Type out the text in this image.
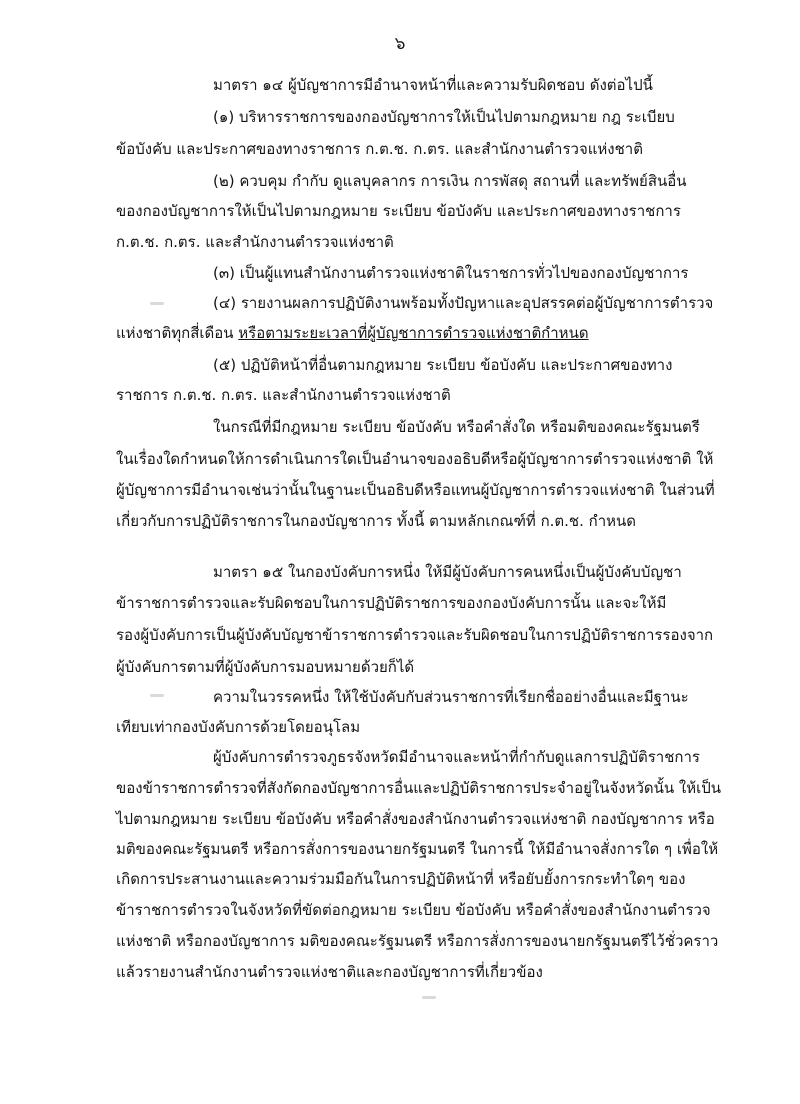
๖
มาตรา ๑๔ ผู้บัญชาการมีอำนาจหน้าที่และความรับผิดชอบ ดังต่อไปนี้
(๑) บริหารราชการของกองบัญชาการให้เป็นไปตามกฎหมาย กฎ ระเบียบ
ข้อบังคับ และประกาศของทางราชการ ก.ต.ช. ก.ตร. และสำนักงานตำรวจแห่งชาติ
(๒) ควบคุม กำกับ ดูแลบุคลากร การเงิน การพัสดุ สถานที่ และทรัพย์สินอื่น
ของกองบัญชาการให้เป็นไปตามกฎหมาย ระเบียบ ข้อบังคับ และประกาศของทางราชการ
ก.ต.ช. ก.ตร. และสำนักงานตำรวจแห่งชาติ
(๓) เป็นผู้แทนสำนักงานตำรวจแห่งชาติในราชการทั่วไปของกองบัญชาการ
(๔) รายงานผลการปฏิบัติงานพร้อมทั้งปัญหาและอุปสรรคต่อผู้บัญชาการตำรวจ
แห่งชาติทุกสี่เดือน หรือตามระยะเวลาที่ผู้บัญชาการตำรวจแห่งชาติกำหนด
(๕) ปฏิบัติหน้าที่อื่นตามกฎหมาย ระเบียบ ข้อบังคับ และประกาศของทาง
ราชการ ก.ต.ช. ก.ตร. และสำนักงานตำรวจแห่งชาติ
ในกรณีที่มีกฎหมาย ระเบียบ ข้อบังคับ หรือคำสั่งใด หรือมติของคณะรัฐมนตรี
ในเรื่องใดกำหนดให้การดำเนินการใดเป็นอำนาจของอธิบดีหรือผู้บัญชาการตำรวจแห่งชาติ ให้
ผู้บัญชาการมีอำนาจเช่นว่านั้นในฐานะเป็นอธิบดีหรือแทนผู้บัญชาการตำรวจแห่งชาติ ในส่วนที่
เกี่ยวกับการปฏิบัติราชการในกองบัญชาการ ทั้งนี้ ตามหลักเกณฑ์ที่ ก.ต.ช. กำหนด
มาตรา ๑๕ ในกองบังคับการหนึ่ง ให้มีผู้บังคับการคนหนึ่งเป็นผู้บังคับบัญชา
ข้าราชการตำรวจและรับผิดชอบในการปฏิบัติราชการของกองบังคับการนั้น และจะให้มี
รองผู้บังคับการเป็นผู้บังคับบัญชาข้าราชการตำรวจและรับผิดชอบในการปฏิบัติราชการรองจาก
ผู้บังคับการตามที่ผู้บังคับการมอบหมายด้วยก็ได้
ความในวรรคหนึ่ง ให้ใช้บังคับกับส่วนราชการที่เรียกชื่ออย่างอื่นและมีฐานะ
เทียบเท่ากองบังคับการด้วยโดยอนุโลม
ผู้บังคับการตำรวจภูธรจังหวัดมีอำนาจและหน้าที่กำกับดูแลการปฏิบัติราชการ
ของข้าราชการตำรวจที่สังกัดกองบัญชาการอื่นและปฏิบัติราชการประจำอยู่ในจังหวัดนั้น ให้เป็น
ไปตามกฎหมาย ระเบียบ ข้อบังคับ หรือคำสั่งของสำนักงานตำรวจแห่งชาติ กองบัญชาการ หรือ
มติของคณะรัฐมนตรี หรือการสั่งการของนายกรัฐมนตรี ในการนี้ ให้มีอำนาจสั่งการใด ๆ เพื่อให้
เกิดการประสานงานและความร่วมมือกันในการปฏิบัติหน้าที่ หรือยับยั้งการกระทำใดๆ ของ
ข้าราชการตำรวจในจังหวัดที่ขัดต่อกฎหมาย ระเบียบ ข้อบังคับ หรือคำสั่งของสำนักงานตำรวจ
แห่งชาติ หรือกองบัญชาการ มติของคณะรัฐมนตรี หรือการสั่งการของนายกรัฐมนตรีไว้ชั่วคราว
แล้วรายงานสำนักงานตำรวจแห่งชาติและกองบัญชาการที่เกี่ยวข้อง
